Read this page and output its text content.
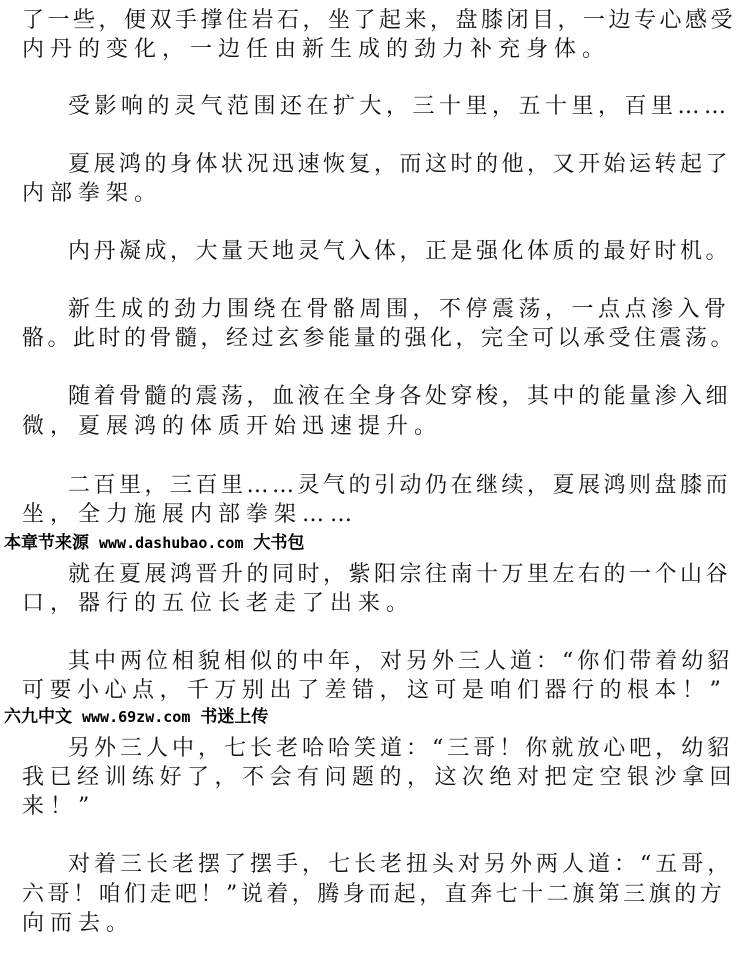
了一些，便双手撑住岩石，坐了起来，盘膝闭目，一边专心感受
内丹的变化，一边任由新生成的劲力补充身体。
受影响的灵气范围还在扩大，三十里，五十里，百里……
夏展鸿的身体状况迅速恢复，而这时的他，又开始运转起了
内部拳架。
内丹凝成，大量天地灵气入体，正是强化体质的最好时机。
新生成的劲力围绕在骨骼周围，不停震荡，一点点渗入骨
骼。此时的骨髓，经过玄参能量的强化，完全可以承受住震荡。
随着骨髓的震荡，血液在全身各处穿梭，其中的能量渗入细
微，夏展鸿的体质开始迅速提升。
二百里，三百里……灵气的引动仍在继续，夏展鸿则盘膝而
坐，全力施展内部拳架……
本章节来源 www.dashubao.com 大书包
就在夏展鸿晋升的同时，紫阳宗往南十万里左右的一个山谷
口，器行的五位长老走了出来。
其中两位相貌相似的中年，对另外三人道：“你们带着幼貂
可要小心点，千万别出了差错，这可是咱们器行的根本！”
六九中文 www.69zw.com 书迷上传
另外三人中，七长老哈哈笑道：“三哥！你就放心吧，幼貂
我已经训练好了，不会有问题的，这次绝对把定空银沙拿回
来！”
对着三长老摆了摆手，七长老扭头对另外两人道：“五哥，
六哥！咱们走吧！”说着，腾身而起，直奔七十二旗第三旗的方
向而去。
